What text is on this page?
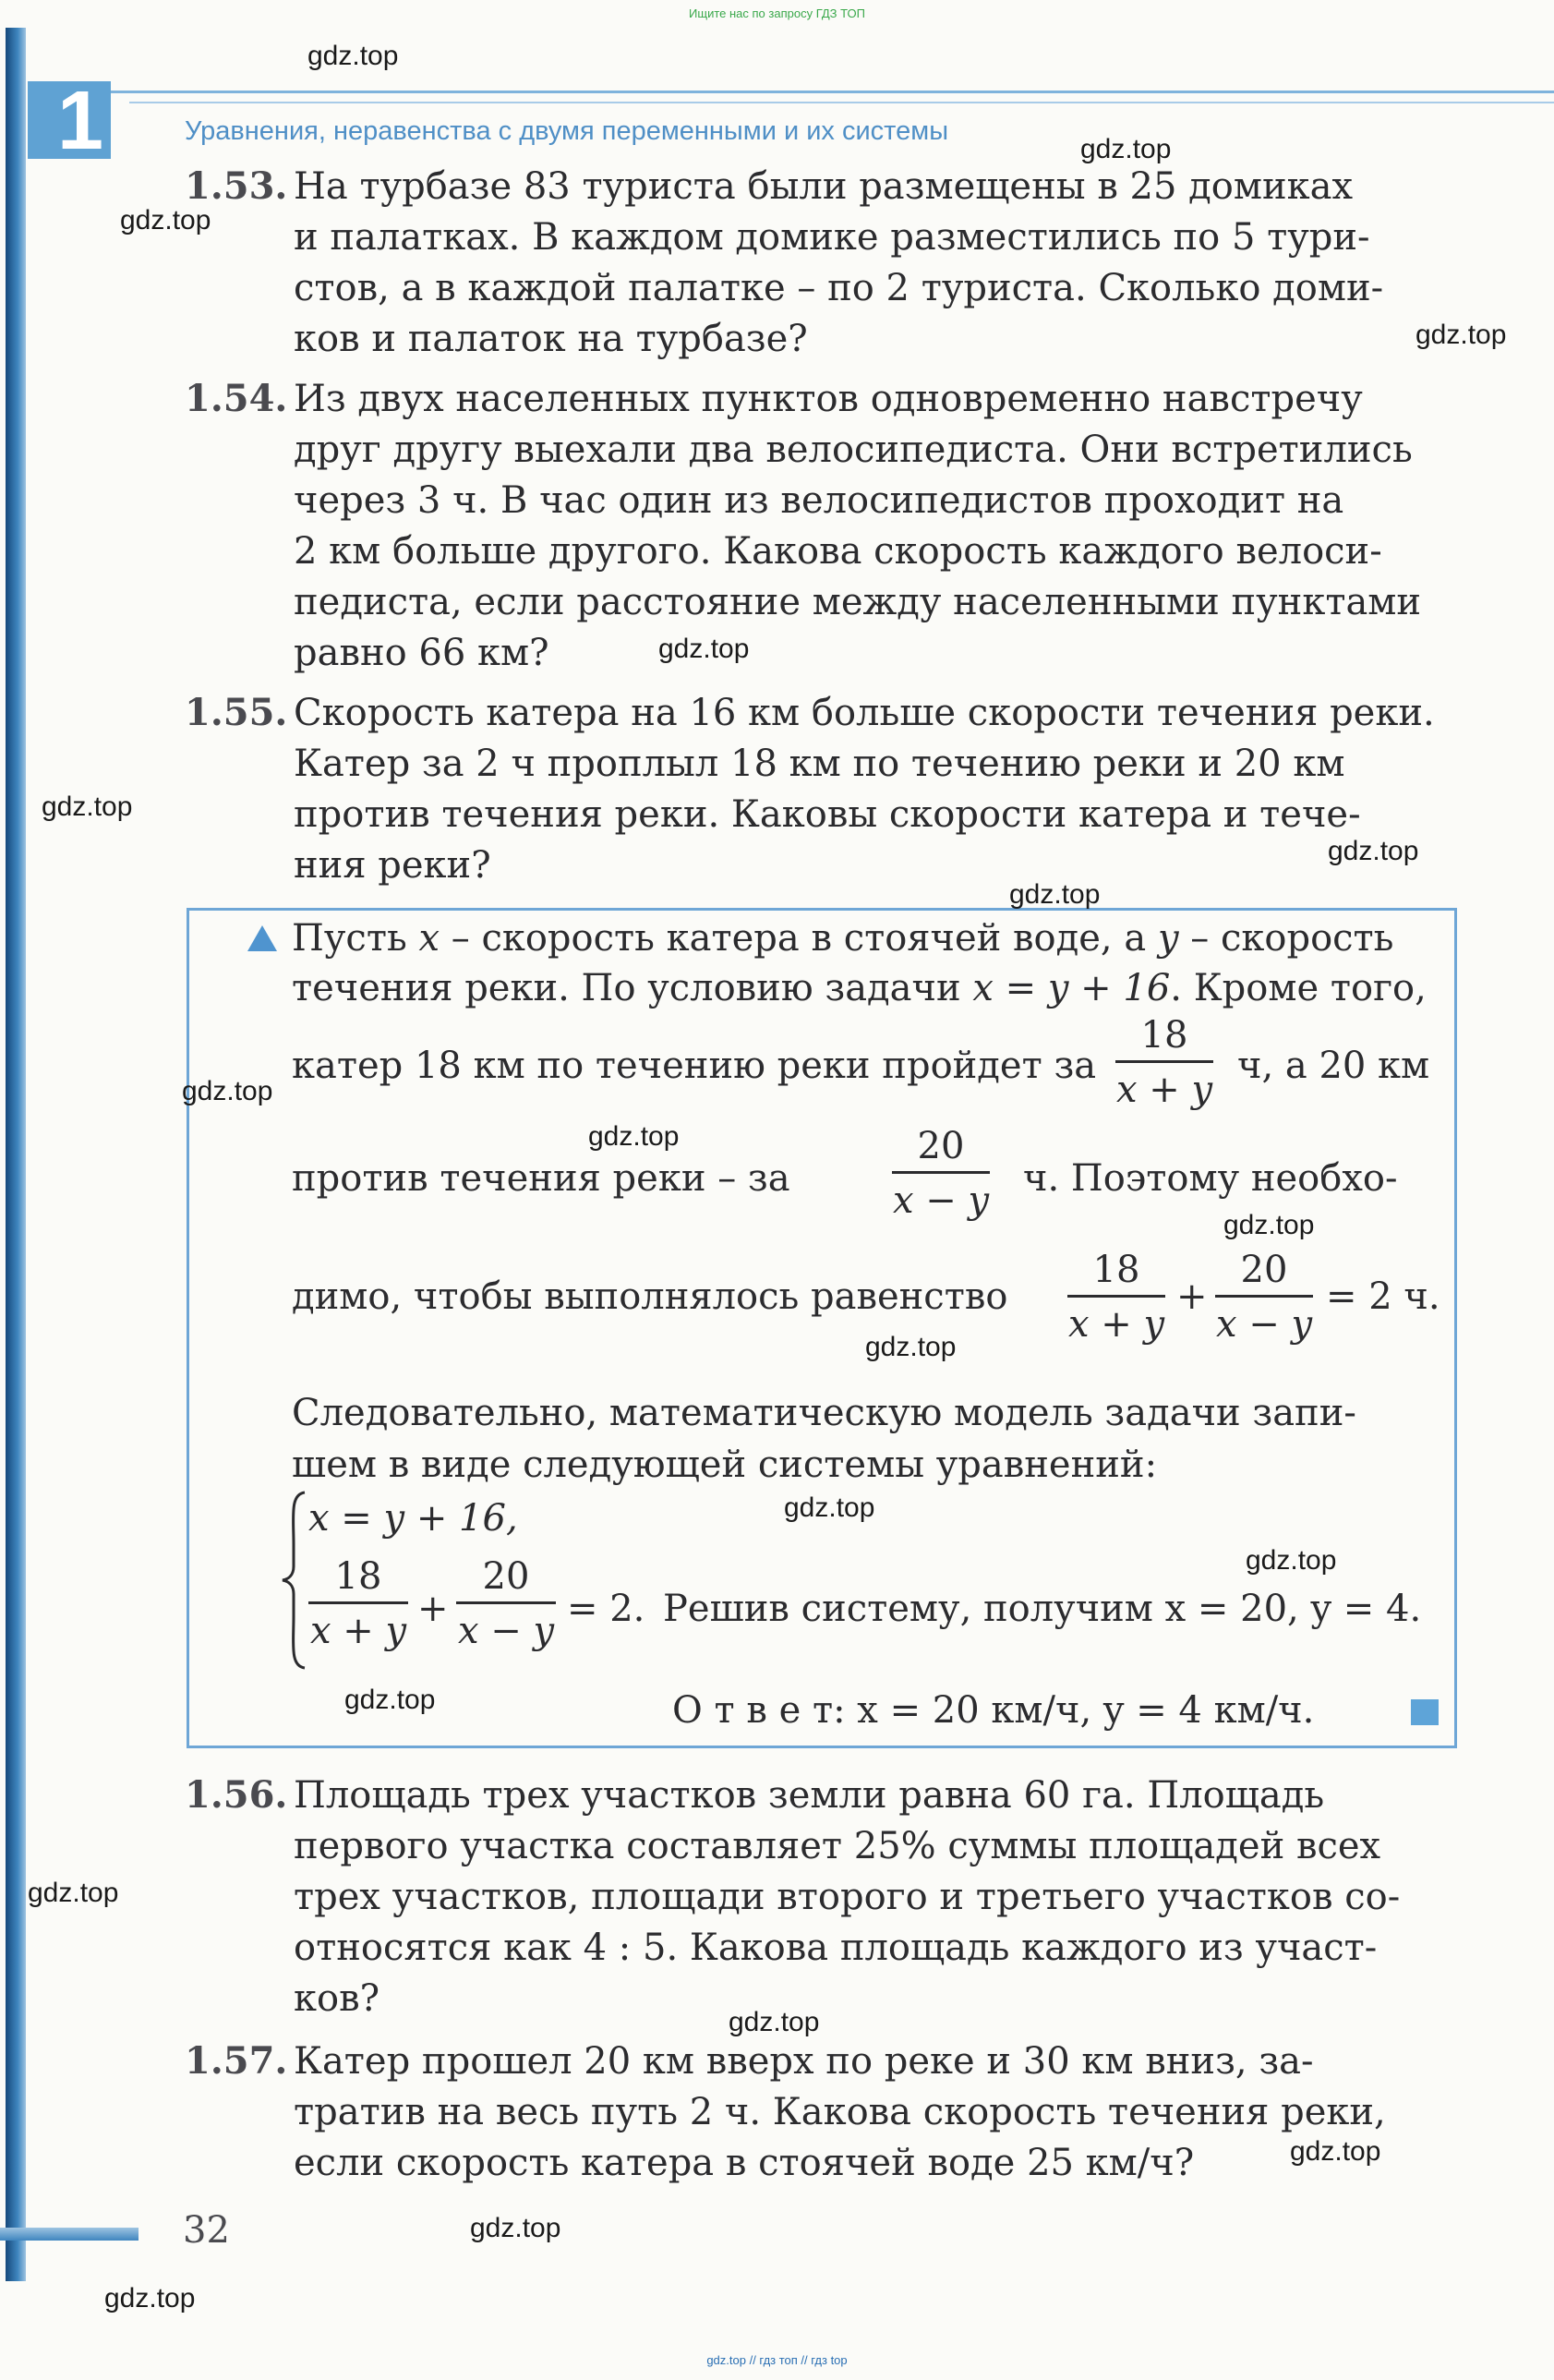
Ищите нас по запросу ГДЗ ТОП
1	Уравнения, неравенства с двумя переменными и их системы
1.53. На турбазе 83 туриста были размещены в 25 домиках
и палатках. В каждом домике разместились по 5 тури-
стов, а в каждой палатке – по 2 туриста. Сколько доми-
ков и палаток на турбазе?
1.54. Из двух населенных пунктов одновременно навстречу
друг другу выехали два велосипедиста. Они встретились
через 3 ч. В час один из велосипедистов проходит на
2 км больше другого. Какова скорость каждого велоси-
педиста, если расстояние между населенными пунктами
равно 66 км?
1.55. Скорость катера на 16 км больше скорости течения реки.
Катер за 2 ч проплыл 18 км по течению реки и 20 км
против течения реки. Каковы скорости катера и тече-
ния реки?
Пусть x – скорость катера в стоячей воде, а y – скорость
течения реки. По условию задачи x = y + 16. Кроме того,
катер 18 км по течению реки пройдет за
18
x + y
ч, а 20 км
против течения реки – за
20
x − y
ч. Поэтому необхо-
димо, чтобы выполнялось равенство
18
x + y
+
20
x − y
= 2 ч.
Следовательно, математическую модель задачи запи-
шем в виде следующей системы уравнений:
x = y + 16,
18
x + y
+
20
x − y
= 2. Решив систему, получим x = 20, y = 4.
О т в е т: x = 20 км/ч, y = 4 км/ч.
1.56. Площадь трех участков земли равна 60 га. Площадь
первого участка составляет 25% суммы площадей всех
трех участков, площади второго и третьего участков со-
относятся как 4 : 5. Какова площадь каждого из участ-
ков?
1.57. Катер прошел 20 км вверх по реке и 30 км вниз, за-
тратив на весь путь 2 ч. Какова скорость течения реки,
если скорость катера в стоячей воде 25 км/ч?
32
gdz.top
gdz.top
gdz.top
gdz.top
gdz.top
gdz.top
gdz.top
gdz.top
gdz.top
gdz.top
gdz.top
gdz.top
gdz.top
gdz.top
gdz.top
gdz.top
gdz.top
gdz.top
gdz.top
gdz.top
gdz.top // гдз топ // гдз top
